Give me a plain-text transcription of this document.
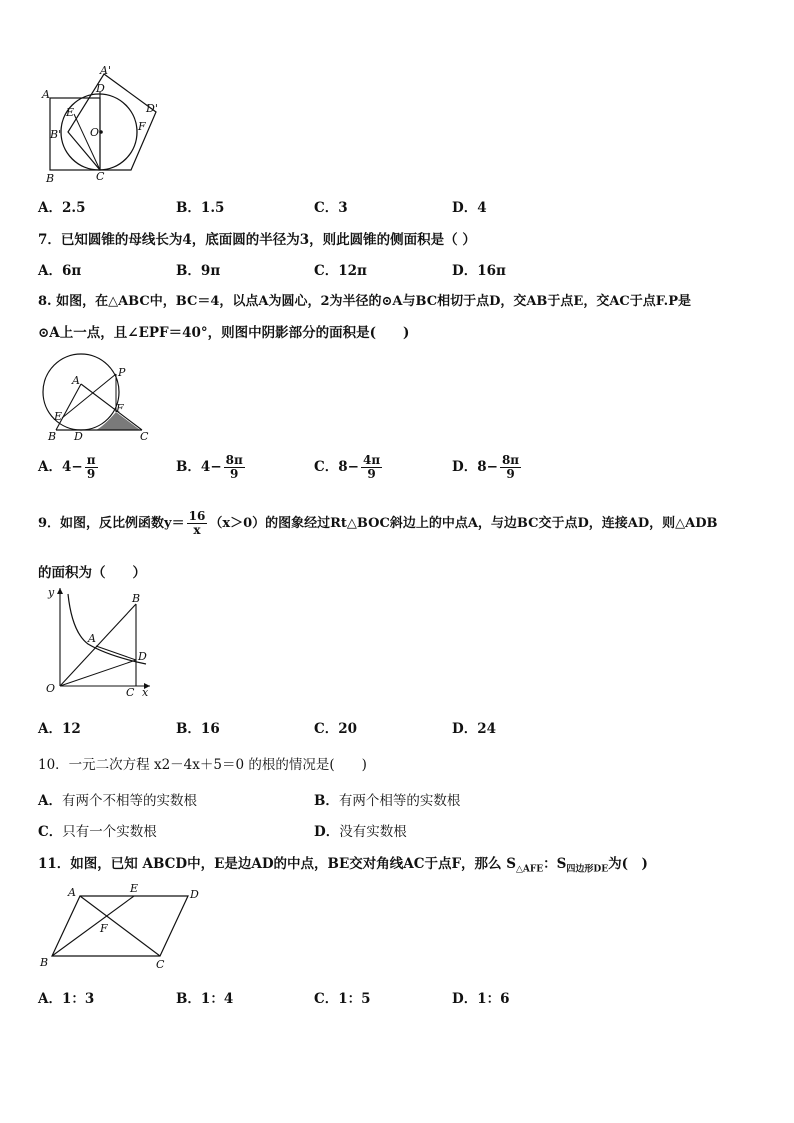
A
A'
B
B'
C
D
D'
E
F
O
A．2.5	B．1.5	C．3	D．4
7．已知圆锥的母线长为4，底面圆的半径为3，则此圆锥的侧面积是（ ）
A．6π	B．9π	C．12π	D．16π
8. 如图，在△ABC中，BC＝4，以点A为圆心，2为半径的⊙A与BC相切于点D，交AB于点E，交AC于点F.P是
⊙A上一点，且∠EPF＝40°，则图中阴影部分的面积是(　　)
A
B	C
D
E
F
P
A．$4- \frac{\pi}{9}$	B．$4- \frac{8\pi}{9}$	C．$8- \frac{4\pi}{9}$	D．$8- \frac{8\pi}{9}$
9．如图，反比例函数$y= \frac{16}{x} (x>0)$的图象经过Rt△BOC斜边上的中点A，与边BC交于点D，连接AD，则△ADB
的面积为（　　）
y
x
O
A
B
C
D
A．12	B．16	C．20	D．24
10．一元二次方程 x2－4x＋5＝0 的根的情况是(　　)
A．有两个不相等的实数根	B．有两个相等的实数根
C．只有一个实数根	D．没有实数根
11．如图，已知 ABCD中，E是边AD的中点，BE交对角线AC于点F，那么 $S_{\triangle AFE}$：$S_{四边形DE}$为(　)
A
B	C
D
E
F
A．1：3	B．1：4	C．1：5	D．1：6
